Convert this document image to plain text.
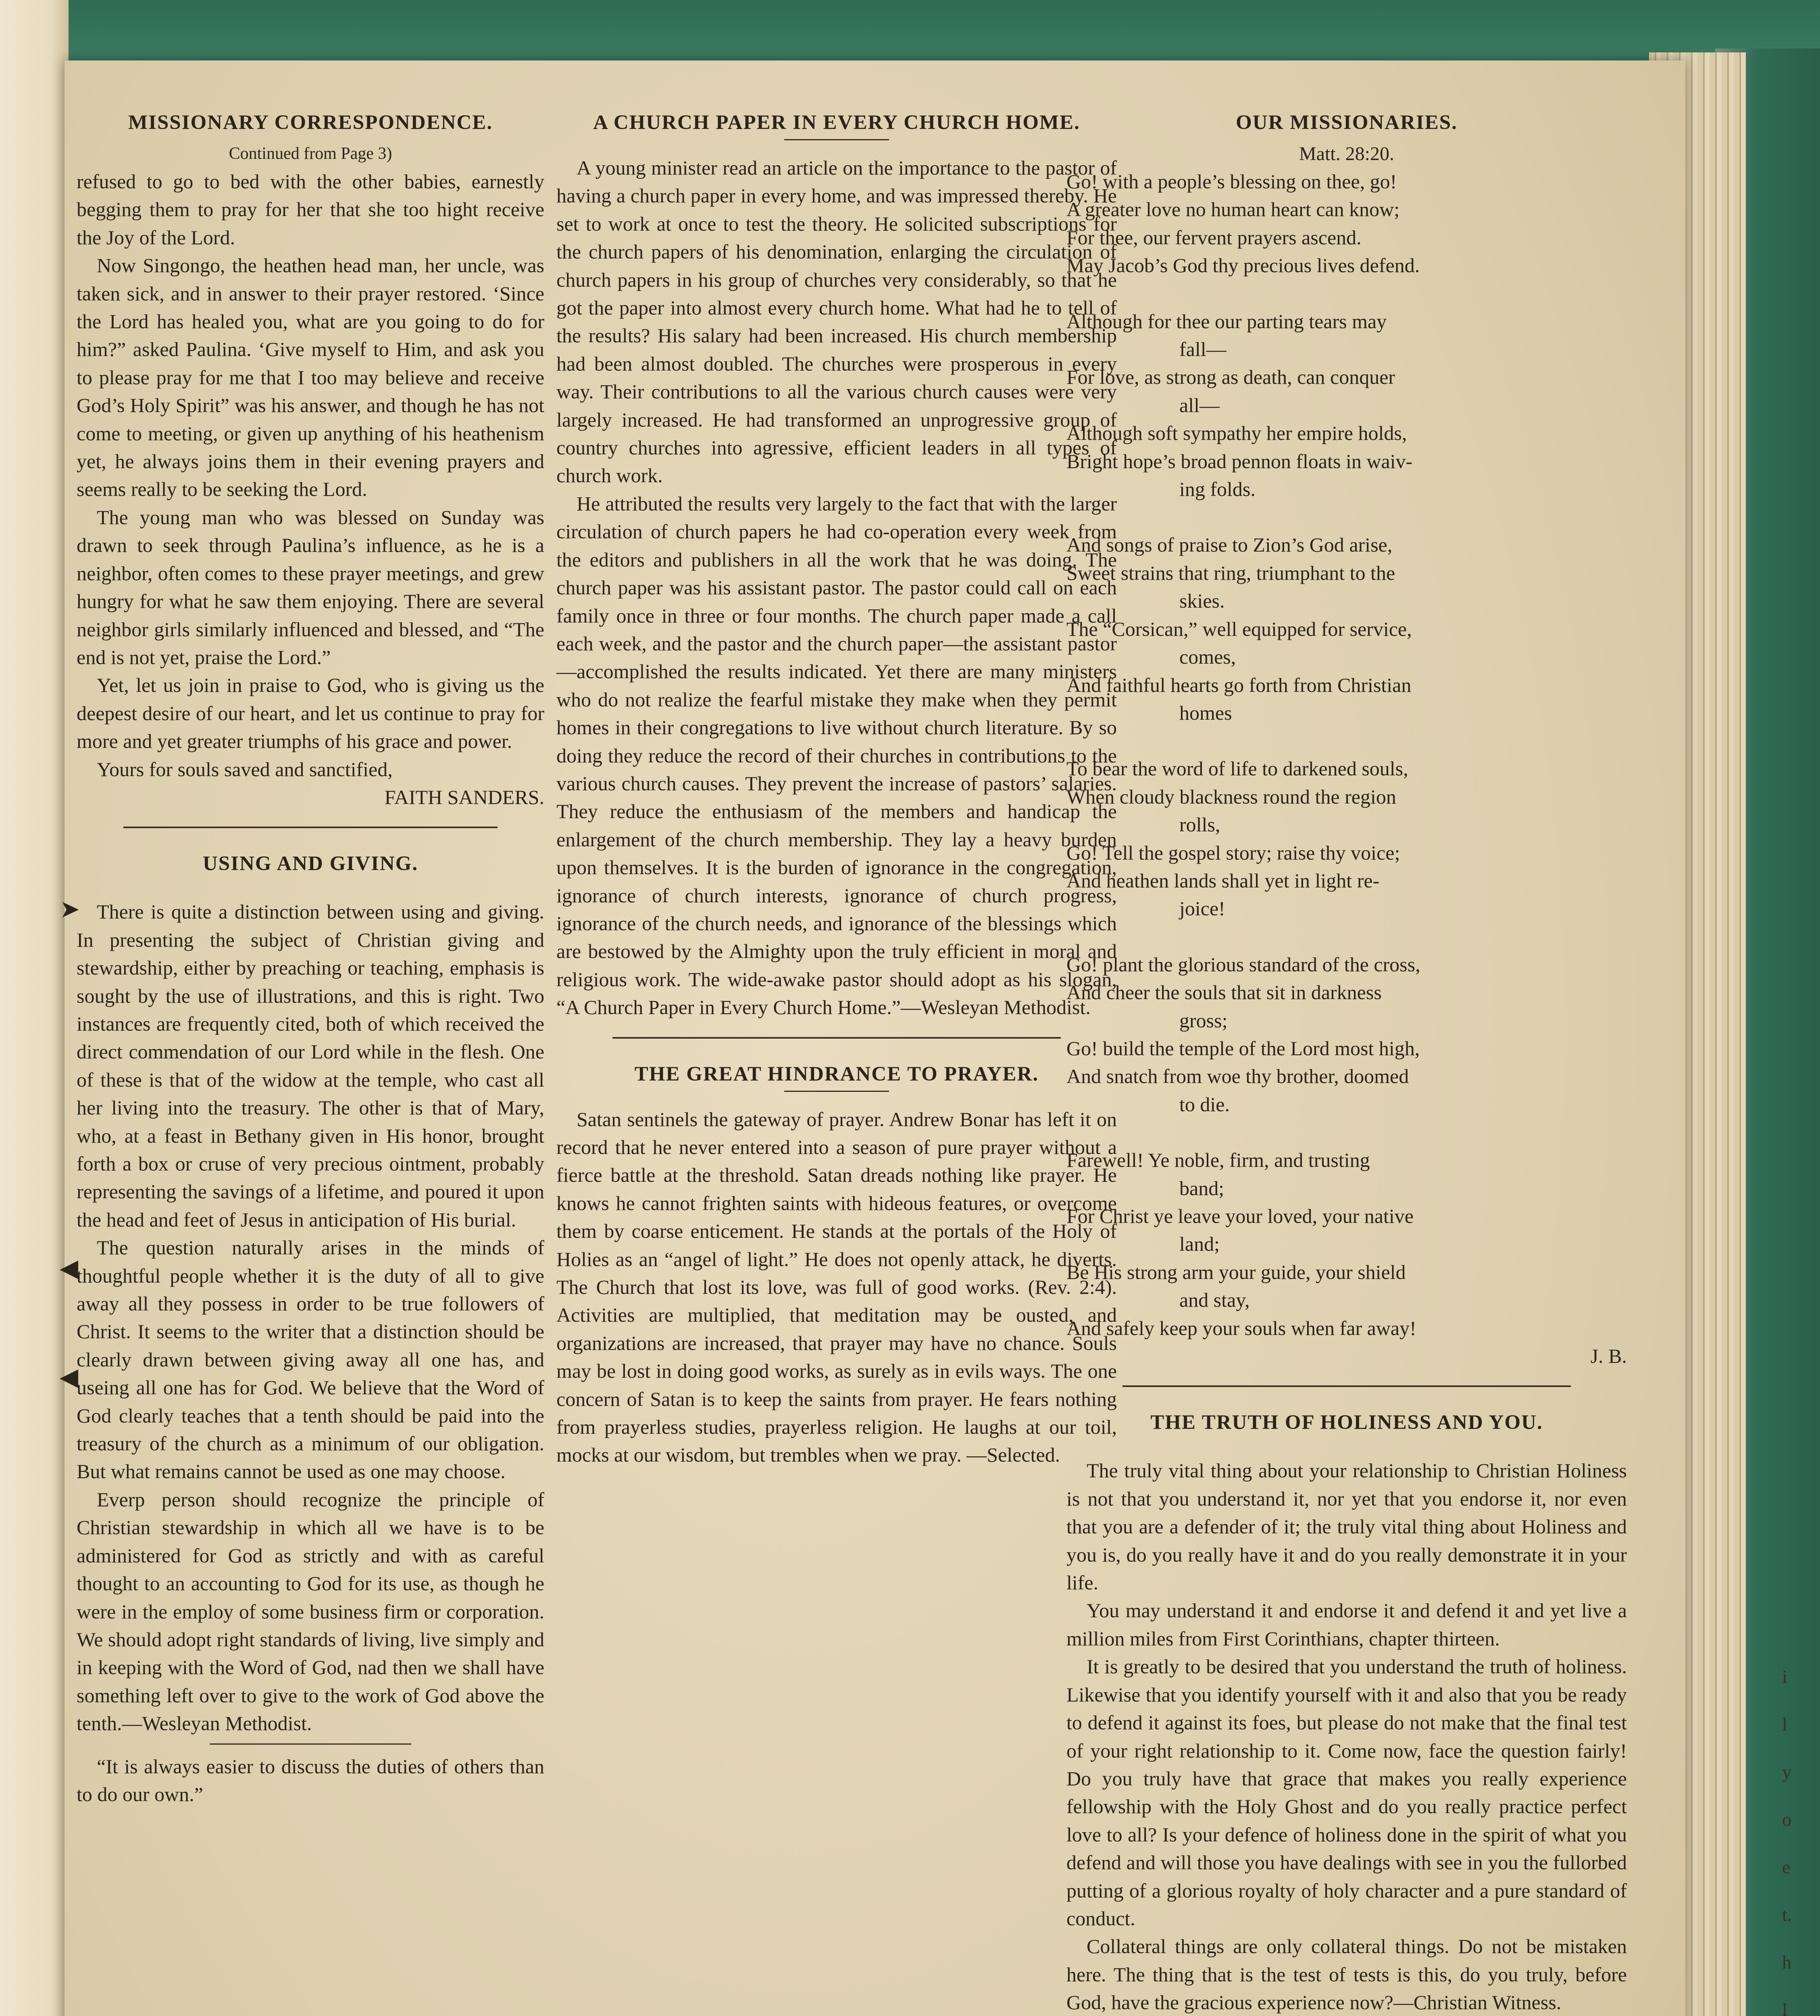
i
l
y
o
e
t.
h
l
➤
◀
◀
MISSIONARY CORRESPONDENCE.

Continued from Page 3)

refused to go to bed with the other babies, earnestly begging them to pray for her that she too hight receive the Joy of the Lord.

Now Singongo, the heathen head man, her uncle, was taken sick, and in answer to their prayer restored. ‘Since the Lord has healed you, what are you going to do for him?” asked Paulina. ‘Give myself to Him, and ask you to please pray for me that I too may believe and receive God’s Holy Spirit” was his answer, and though he has not come to meeting, or given up anything of his heathenism yet, he always joins them in their evening prayers and seems really to be seeking the Lord.

The young man who was blessed on Sunday was drawn to seek through Paulina’s influence, as he is a neighbor, often comes to these prayer meetings, and grew hungry for what he saw them enjoying. There are several neighbor girls similarly influenced and blessed, and “The end is not yet, praise the Lord.”

Yet, let us join in praise to God, who is giving us the deepest desire of our heart, and let us continue to pray for more and yet greater triumphs of his grace and power.

Yours for souls saved and sanctified,

FAITH SANDERS.

USING AND GIVING.

There is quite a distinction between using and giving. In presenting the subject of Christian giving and stewardship, either by preaching or teaching, emphasis is sought by the use of illustrations, and this is right. Two instances are frequently cited, both of which received the direct commendation of our Lord while in the flesh. One of these is that of the widow at the temple, who cast all her living into the treasury. The other is that of Mary, who, at a feast in Bethany given in His honor, brought forth a box or cruse of very precious ointment, probably representing the savings of a lifetime, and poured it upon the head and feet of Jesus in anticipation of His burial.

The question naturally arises in the minds of thoughtful people whether it is the duty of all to give away all they possess in order to be true followers of Christ. It seems to the writer that a distinction should be clearly drawn between giving away all one has, and useing all one has for God. We believe that the Word of God clearly teaches that a tenth should be paid into the treasury of the church as a minimum of our obligation. But what remains cannot be used as one may choose.

Everp person should recognize the principle of Christian stewardship in which all we have is to be administered for God as strictly and with as careful thought to an accounting to God for its use, as though he were in the employ of some business firm or corporation. We should adopt right standards of living, live simply and in keeping with the Word of God, nad then we shall have something left over to give to the work of God above the tenth.—Wesleyan Methodist.

“It is always easier to discuss the duties of others than to do our own.”

A CHURCH PAPER IN EVERY CHURCH HOME.

A young minister read an article on the importance to the pastor of having a church paper in every home, and was impressed thereby. He set to work at once to test the theory. He solicited subscriptions for the church papers of his denomination, enlarging the circulation of church papers in his group of churches very considerably, so that he got the paper into almost every church home. What had he to tell of the results? His salary had been increased. His church membership had been almost doubled. The churches were prosperous in every way. Their contributions to all the various church causes were very largely increased. He had transformed an unprogressive group of country churches into agressive, efficient leaders in all types of church work.

He attributed the results very largely to the fact that with the larger circulation of church papers he had co-operation every week from the editors and publishers in all the work that he was doing. The church paper was his assistant pastor. The pastor could call on each family once in three or four months. The church paper made a call each week, and the pastor and the church paper—the assistant pastor—accomplished the results indicated. Yet there are many ministers who do not realize the fearful mistake they make when they permit homes in their congregations to live without church literature. By so doing they reduce the record of their churches in contributions to the various church causes. They prevent the increase of pastors’ salaries. They reduce the enthusiasm of the members and handicap the enlargement of the church membership. They lay a heavy burden upon themselves. It is the burden of ignorance in the congregation, ignorance of church interests, ignorance of church progress, ignorance of the church needs, and ignorance of the blessings which are bestowed by the Almighty upon the truly efficient in moral and religious work. The wide-awake pastor should adopt as his slogan, “A Church Paper in Every Church Home.”—Wesleyan Methodist.

THE GREAT HINDRANCE TO PRAYER.

Satan sentinels the gateway of prayer. Andrew Bonar has left it on record that he never entered into a season of pure prayer without a fierce battle at the threshold. Satan dreads nothing like prayer. He knows he cannot frighten saints with hideous features, or overcome them by coarse enticement. He stands at the portals of the Holy of Holies as an “angel of light.” He does not openly attack, he diverts. The Church that lost its love, was full of good works. (Rev. 2:4). Activities are multiplied, that meditation may be ousted, and organizations are increased, that prayer may have no chance. Souls may be lost in doing good works, as surely as in evils ways. The one concern of Satan is to keep the saints from prayer. He fears nothing from prayerless studies, prayerless religion. He laughs at our toil, mocks at our wisdom, but trembles when we pray. —Selected.

OUR MISSIONARIES.

Matt. 28:20.

Go! with a people’s blessing on thee, go!
A greater love no human heart can know;
For thee, our fervent prayers ascend.
May Jacob’s God thy precious lives defend.
Although for thee our parting tears may
fall—
For love, as strong as death, can conquer
all—
Although soft sympathy her empire holds,
Bright hope’s broad pennon floats in waiv-
ing folds.
And songs of praise to Zion’s God arise,
Sweet strains that ring, triumphant to the
skies.
The “Corsican,” well equipped for service,
comes,
And faithful hearts go forth from Christian
homes
To bear the word of life to darkened souls,
When cloudy blackness round the region
rolls,
Go! Tell the gospel story; raise thy voice;
And heathen lands shall yet in light re-
joice!
Go! plant the glorious standard of the cross,
And cheer the souls that sit in darkness
gross;
Go! build the temple of the Lord most high,
And snatch from woe thy brother, doomed
to die.
Farewell! Ye noble, firm, and trusting
band;
For Christ ye leave your loved, your native
land;
Be His strong arm your guide, your shield
and stay,
And safely keep your souls when far away!

J. B.

THE TRUTH OF HOLINESS AND YOU.

The truly vital thing about your relationship to Christian Holiness is not that you understand it, nor yet that you endorse it, nor even that you are a defender of it; the truly vital thing about Holiness and you is, do you really have it and do you really demonstrate it in your life.

You may understand it and endorse it and defend it and yet live a million miles from First Corinthians, chapter thirteen.

It is greatly to be desired that you understand the truth of holiness. Likewise that you identify yourself with it and also that you be ready to defend it against its foes, but please do not make that the final test of your right relationship to it. Come now, face the question fairly! Do you truly have that grace that makes you really experience fellowship with the Holy Ghost and do you really practice perfect love to all? Is your defence of holiness done in the spirit of what you defend and will those you have dealings with see in you the fullorbed putting of a glorious royalty of holy character and a pure standard of conduct.

Collateral things are only collateral things. Do not be mistaken here. The thing that is the test of tests is this, do you truly, before God, have the gracious experience now?—Christian Witness.
